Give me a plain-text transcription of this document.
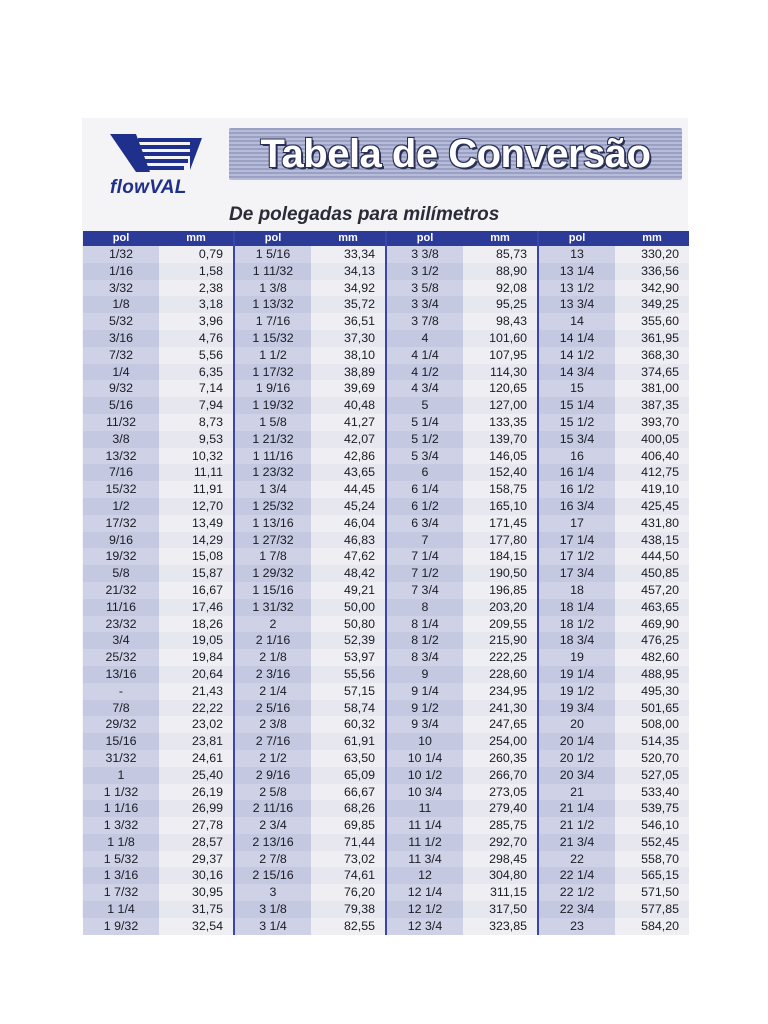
flowVAL
Tabela de Conversão
De polegadas para milímetros
pol	mm
1/32	0,79
1/16	1,58
3/32	2,38
1/8	3,18
5/32	3,96
3/16	4,76
7/32	5,56
1/4	6,35
9/32	7,14
5/16	7,94
11/32	8,73
3/8	9,53
13/32	10,32
7/16	11,11
15/32	11,91
1/2	12,70
17/32	13,49
9/16	14,29
19/32	15,08
5/8	15,87
21/32	16,67
11/16	17,46
23/32	18,26
3/4	19,05
25/32	19,84
13/16	20,64
-	21,43
7/8	22,22
29/32	23,02
15/16	23,81
31/32	24,61
1	25,40
1 1/32	26,19
1 1/16	26,99
1 3/32	27,78
1 1/8	28,57
1 5/32	29,37
1 3/16	30,16
1 7/32	30,95
1 1/4	31,75
1 9/32	32,54
pol	mm
1 5/16	33,34
1 11/32	34,13
1 3/8	34,92
1 13/32	35,72
1 7/16	36,51
1 15/32	37,30
1 1/2	38,10
1 17/32	38,89
1 9/16	39,69
1 19/32	40,48
1 5/8	41,27
1 21/32	42,07
1 11/16	42,86
1 23/32	43,65
1 3/4	44,45
1 25/32	45,24
1 13/16	46,04
1 27/32	46,83
1 7/8	47,62
1 29/32	48,42
1 15/16	49,21
1 31/32	50,00
2	50,80
2 1/16	52,39
2 1/8	53,97
2 3/16	55,56
2 1/4	57,15
2 5/16	58,74
2 3/8	60,32
2 7/16	61,91
2 1/2	63,50
2 9/16	65,09
2 5/8	66,67
2 11/16	68,26
2 3/4	69,85
2 13/16	71,44
2 7/8	73,02
2 15/16	74,61
3	76,20
3 1/8	79,38
3 1/4	82,55
pol	mm
3 3/8	85,73
3 1/2	88,90
3 5/8	92,08
3 3/4	95,25
3 7/8	98,43
4	101,60
4 1/4	107,95
4 1/2	114,30
4 3/4	120,65
5	127,00
5 1/4	133,35
5 1/2	139,70
5 3/4	146,05
6	152,40
6 1/4	158,75
6 1/2	165,10
6 3/4	171,45
7	177,80
7 1/4	184,15
7 1/2	190,50
7 3/4	196,85
8	203,20
8 1/4	209,55
8 1/2	215,90
8 3/4	222,25
9	228,60
9 1/4	234,95
9 1/2	241,30
9 3/4	247,65
10	254,00
10 1/4	260,35
10 1/2	266,70
10 3/4	273,05
11	279,40
11 1/4	285,75
11 1/2	292,70
11 3/4	298,45
12	304,80
12 1/4	311,15
12 1/2	317,50
12 3/4	323,85
pol	mm
13	330,20
13 1/4	336,56
13 1/2	342,90
13 3/4	349,25
14	355,60
14 1/4	361,95
14 1/2	368,30
14 3/4	374,65
15	381,00
15 1/4	387,35
15 1/2	393,70
15 3/4	400,05
16	406,40
16 1/4	412,75
16 1/2	419,10
16 3/4	425,45
17	431,80
17 1/4	438,15
17 1/2	444,50
17 3/4	450,85
18	457,20
18 1/4	463,65
18 1/2	469,90
18 3/4	476,25
19	482,60
19 1/4	488,95
19 1/2	495,30
19 3/4	501,65
20	508,00
20 1/4	514,35
20 1/2	520,70
20 3/4	527,05
21	533,40
21 1/4	539,75
21 1/2	546,10
21 3/4	552,45
22	558,70
22 1/4	565,15
22 1/2	571,50
22 3/4	577,85
23	584,20
